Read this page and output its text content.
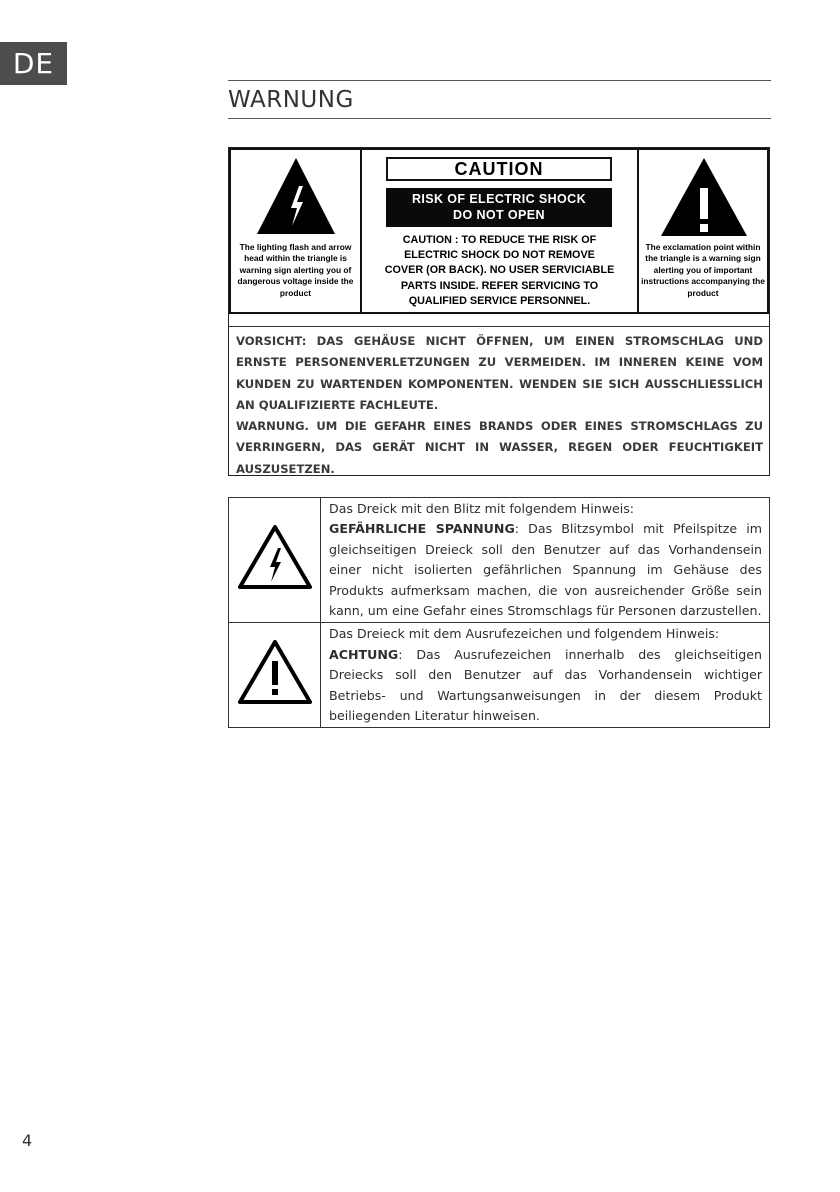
DE
WARNUNG
The lighting flash and arrow head within the triangle is warning sign alerting you of dangerous voltage inside the product
CAUTION
RISK OF ELECTRIC SHOCK
DO NOT OPEN
CAUTION : TO REDUCE THE RISK OF
ELECTRIC SHOCK DO NOT REMOVE
COVER (OR BACK). NO USER SERVICIABLE
PARTS INSIDE. REFER SERVICING TO
QUALIFIED SERVICE PERSONNEL.
The exclamation point within the triangle is a warning sign alerting you of important instructions accompanying the product

VORSICHT: DAS GEHÄUSE NICHT ÖFFNEN, UM EINEN STROMSCHLAG UND ERNSTE PERSONENVERLETZUNGEN ZU VERMEIDEN. IM INNEREN KEINE VOM KUNDEN ZU WARTENDEN KOMPONENTEN. WENDEN SIE SICH AUSSCHLIESSLICH AN QUALIFIZIERTE FACHLEUTE.

WARNUNG. UM DIE GEFAHR EINES BRANDS ODER EINES STROMSCHLAGS ZU VERRINGERN, DAS GERÄT NICHT IN WASSER, REGEN ODER FEUCHTIGKEIT AUSZUSETZEN.

Das Dreick mit den Blitz mit folgendem Hinweis:
GEFÄHRLICHE SPANNUNG: Das Blitzsymbol mit Pfeilspitze im gleichseitigen Dreieck soll den Benutzer auf das Vorhandensein einer nicht isolierten gefährlichen Spannung im Gehäuse des Produkts aufmerksam machen, die von ausreichender Größe sein kann, um eine Gefahr eines Stromschlags für Personen darzustellen.

Das Dreieck mit dem Ausrufezeichen und folgendem Hinweis:
ACHTUNG: Das Ausrufezeichen innerhalb des gleichseitigen Dreiecks soll den Benutzer auf das Vorhandensein wichtiger Betriebs- und Wartungsanweisungen in der diesem Produkt beiliegenden Literatur hinweisen.
4
